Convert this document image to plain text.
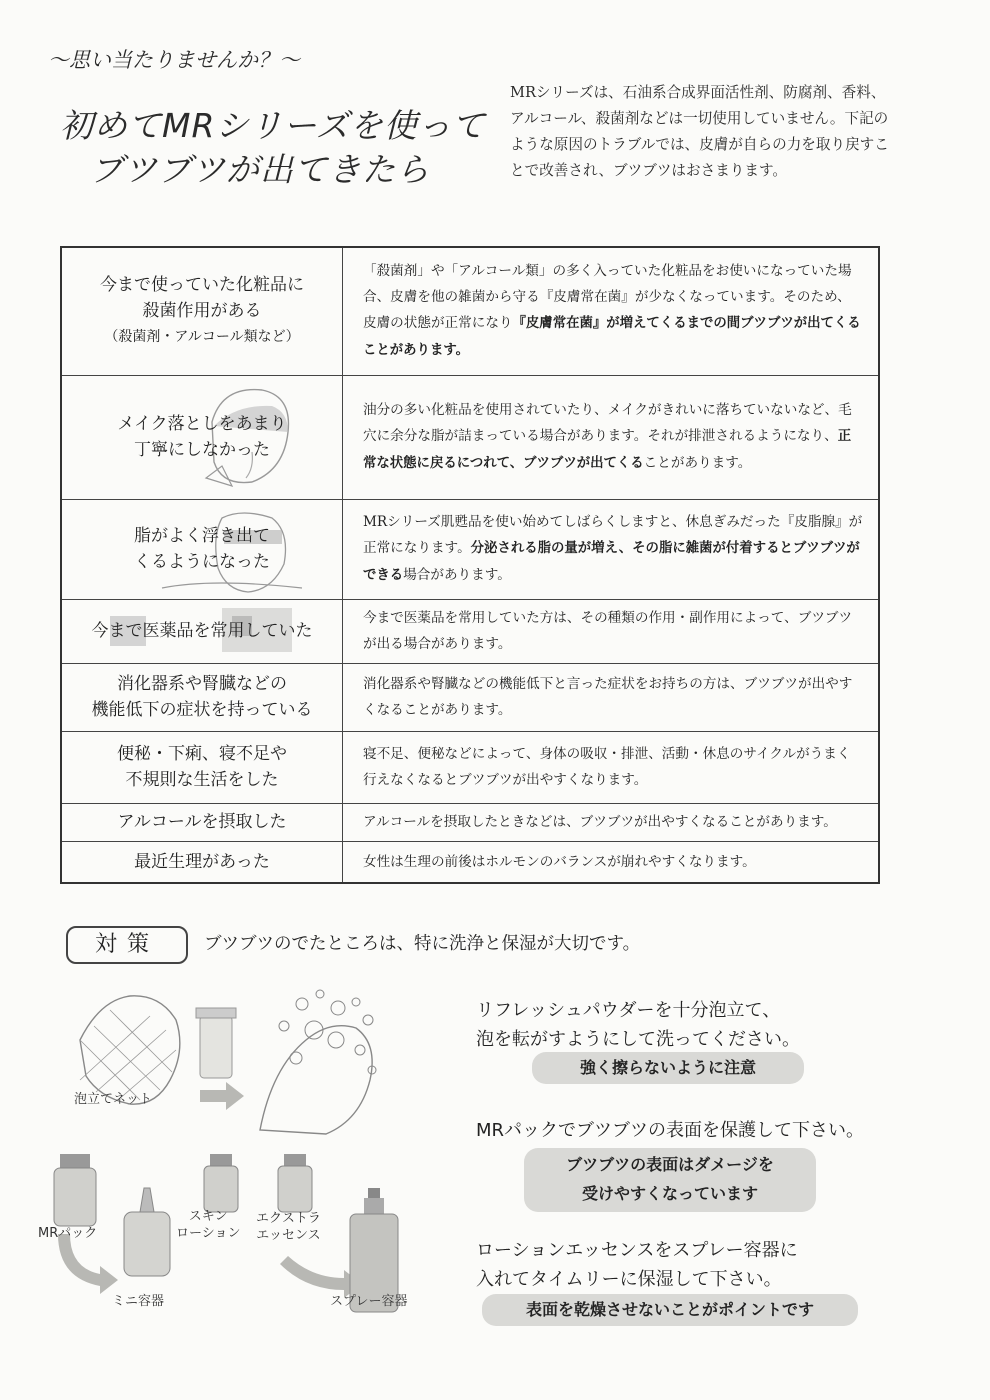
〜思い当たりませんか？〜
初めてMRシリーズを使って
ブツブツが出てきたら
MRシリーズは、石油系合成界面活性剤、防腐剤、香料、アルコール、殺菌剤などは一切使用していません。下記のような原因のトラブルでは、皮膚が自らの力を取り戻すことで改善され、ブツブツはおさまります。
今まで使っていた化粧品に
殺菌作用がある
（殺菌剤・アルコール類など）	「殺菌剤」や「アルコール類」の多く入っていた化粧品をお使いになっていた場合、皮膚を他の雑菌から守る『皮膚常在菌』が少なくなっています。そのため、皮膚の状態が正常になり『皮膚常在菌』が増えてくるまでの間ブツブツが出てくることがあります。

メイク落としをあまり
丁寧にしなかった	油分の多い化粧品を使用されていたり、メイクがきれいに落ちていないなど、毛穴に余分な脂が詰まっている場合があります。それが排泄されるようになり、正常な状態に戻るにつれて、ブツブツが出てくることがあります。

脂がよく浮き出て
くるようになった	MRシリーズ肌甦品を使い始めてしばらくしますと、休息ぎみだった『皮脂腺』が正常になります。分泌される脂の量が増え、その脂に雑菌が付着するとブツブツができる場合があります。

今まで医薬品を常用していた	今まで医薬品を常用していた方は、その種類の作用・副作用によって、ブツブツが出る場合があります。

消化器系や腎臓などの
機能低下の症状を持っている	消化器系や腎臓などの機能低下と言った症状をお持ちの方は、ブツブツが出やすくなることがあります。

便秘・下痢、寝不足や
不規則な生活をした	寝不足、便秘などによって、身体の吸収・排泄、活動・休息のサイクルがうまく行えなくなるとブツブツが出やすくなります。

アルコールを摂取した	アルコールを摂取したときなどは、ブツブツが出やすくなることがあります。

最近生理があった	女性は生理の前後はホルモンのバランスが崩れやすくなります。
対策	ブツブツのでたところは、特に洗浄と保湿が大切です。
泡立てネット
MRパック
ミニ容器
スキン
ローション
エクストラ
エッセンス
スプレー容器
リフレッシュパウダーを十分泡立て、
泡を転がすようにして洗ってください。
強く擦らないように注意
MRパックでブツブツの表面を保護して下さい。
ブツブツの表面はダメージを
受けやすくなっています
ローションエッセンスをスプレー容器に
入れてタイムリーに保湿して下さい。
表面を乾燥させないことがポイントです
